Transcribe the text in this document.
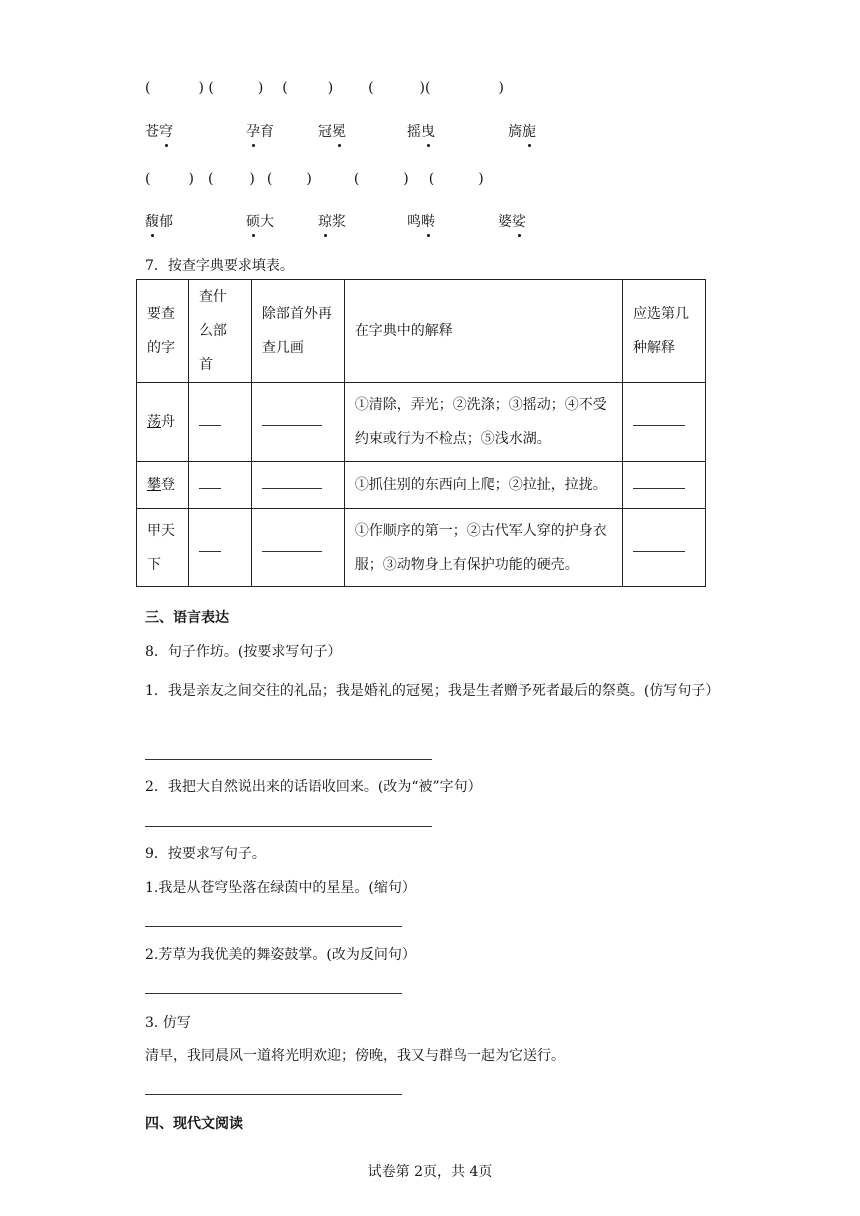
(	) (	) (	) (	)(	)
苍穹	孕育	冠冕	摇曳	旖旎
(	) (	) ( )	(	) (	)
馥郁	硕大	琼浆	鸣啭	婆娑
7．按查字典要求填表。
要查的字	查什么部首	除部首外再查几画	在字典中的解释	应选第几种解释
荡舟			①清除，弄光；②洗涤；③摇动；④不受约束或行为不检点；⑤浅水湖。	
攀登			①抓住别的东西向上爬；②拉扯，拉拢。	
甲天下			①作顺序的第一；②古代军人穿的护身衣服；③动物身上有保护功能的硬壳。	
三、语言表达
8．句子作坊。(按要求写句子）
1．我是亲友之间交往的礼品；我是婚礼的冠冕；我是生者赠予死者最后的祭奠。(仿写句子）
2．我把大自然说出来的话语收回来。(改为“被”字句）
9．按要求写句子。
1.我是从苍穹坠落在绿茵中的星星。(缩句）
2.芳草为我优美的舞姿鼓掌。(改为反问句）
3. 仿写
清早，我同晨风一道将光明欢迎；傍晚，我又与群鸟一起为它送行。
四、现代文阅读
试卷第 2页，共 4页
